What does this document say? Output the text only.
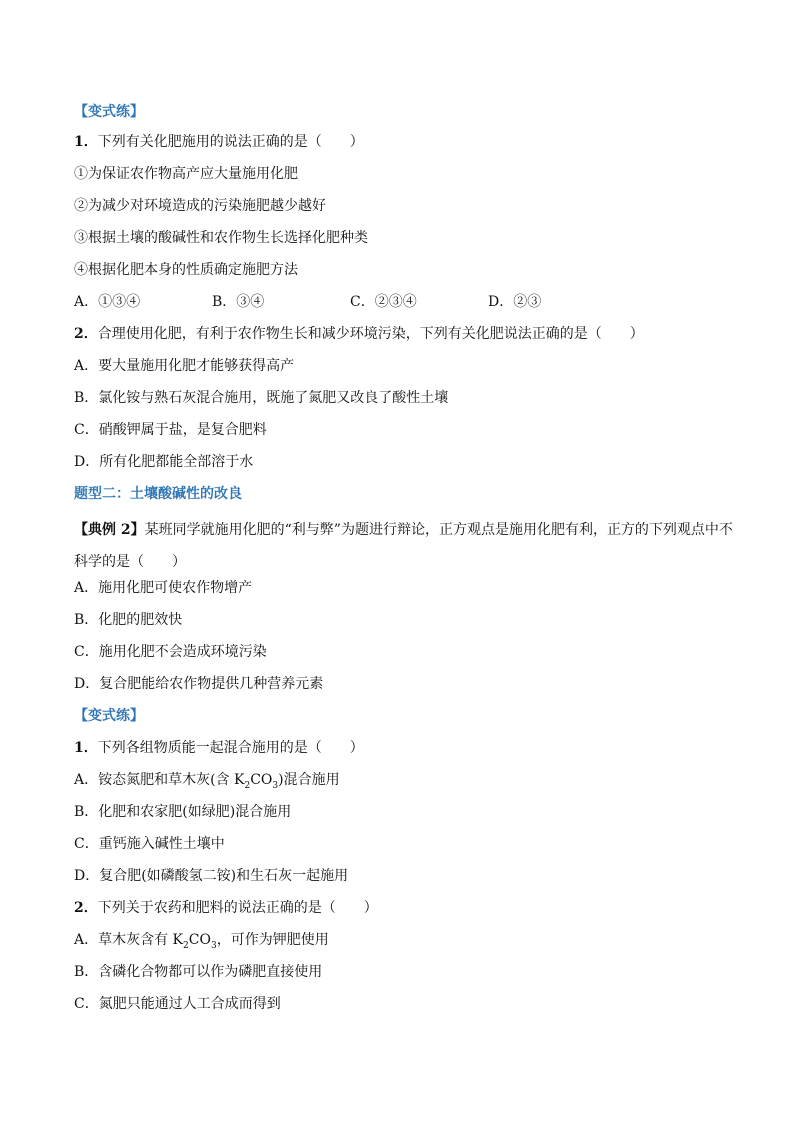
【变式练】
1．下列有关化肥施用的说法正确的是（　　）
①为保证农作物高产应大量施用化肥
②为减少对环境造成的污染施肥越少越好
③根据土壤的酸碱性和农作物生长选择化肥种类
④根据化肥本身的性质确定施肥方法
A．①③④	B．③④	C．②③④	D．②③
2．合理使用化肥，有利于农作物生长和减少环境污染，下列有关化肥说法正确的是（　　）
A．要大量施用化肥才能够获得高产
B．氯化铵与熟石灰混合施用，既施了氮肥又改良了酸性土壤
C．硝酸钾属于盐，是复合肥料
D．所有化肥都能全部溶于水
题型二：土壤酸碱性的改良
【典例 2】某班同学就施用化肥的“利与弊”为题进行辩论，正方观点是施用化肥有利，正方的下列观点中不科学的是（　　）
A．施用化肥可使农作物增产
B．化肥的肥效快
C．施用化肥不会造成环境污染
D．复合肥能给农作物提供几种营养元素
【变式练】
1．下列各组物质能一起混合施用的是（　　）
A．铵态氮肥和草木灰(含 $K_2CO_3$)混合施用
B．化肥和农家肥(如绿肥)混合施用
C．重钙施入碱性土壤中
D．复合肥(如磷酸氢二铵)和生石灰一起施用
2．下列关于农药和肥料的说法正确的是（　　）
A．草木灰含有 $K_2CO_3$，可作为钾肥使用
B．含磷化合物都可以作为磷肥直接使用
C．氮肥只能通过人工合成而得到
